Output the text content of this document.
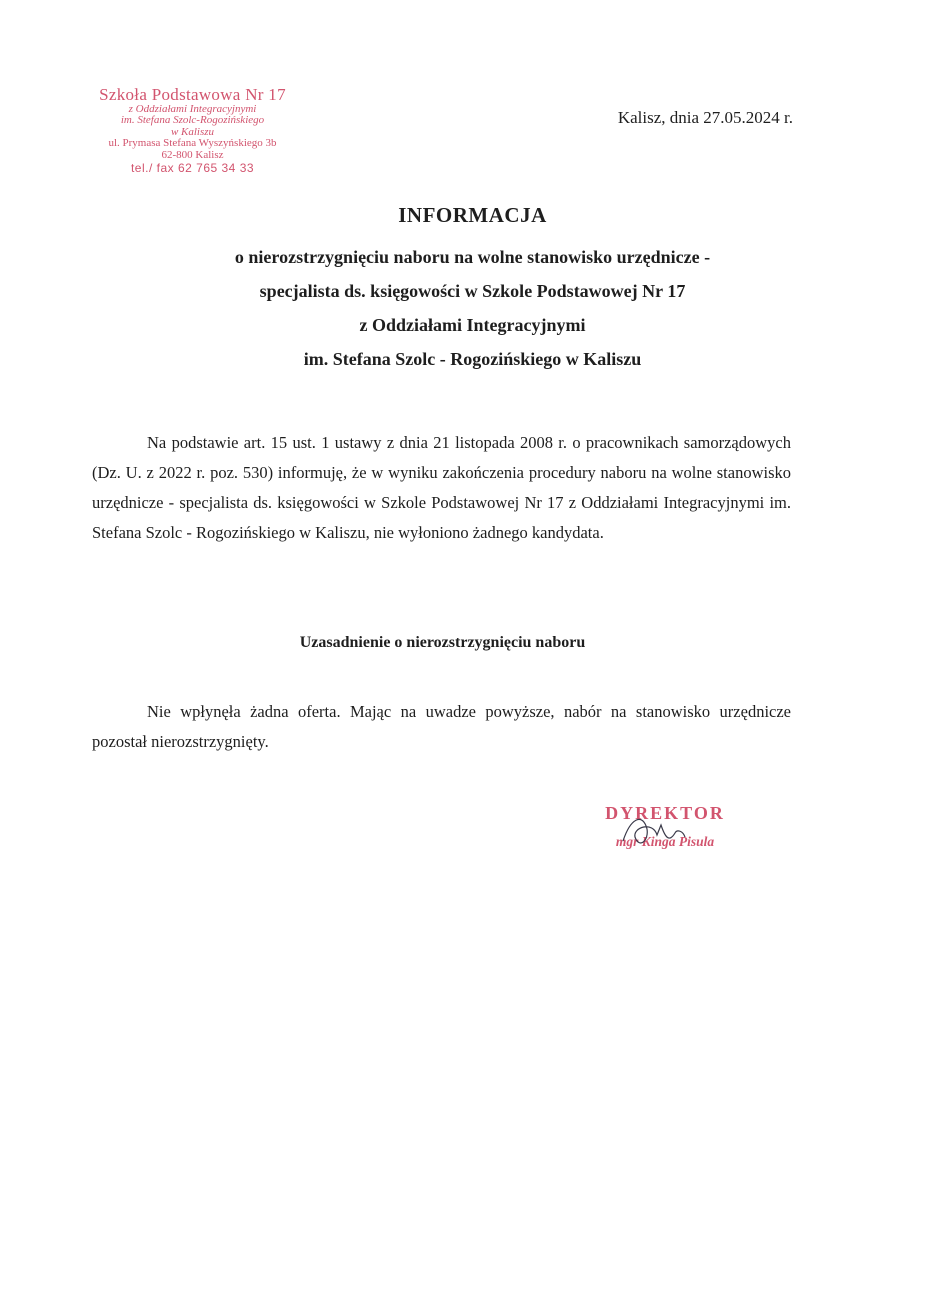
Szkoła Podstawowa Nr 17
z Oddziałami Integracyjnymi
im. Stefana Szolc-Rogozińskiego
w Kaliszu
ul. Prymasa Stefana Wyszyńskiego 3b
62-800 Kalisz
tel./ fax 62 765 34 33
Kalisz, dnia 27.05.2024 r.
INFORMACJA
o nierozstrzygnięciu naboru na wolne stanowisko urzędnicze -
specjalista ds. księgowości w Szkole Podstawowej Nr 17
z Oddziałami Integracyjnymi
im. Stefana Szolc - Rogozińskiego w Kaliszu
Na podstawie art. 15 ust. 1 ustawy z dnia 21 listopada 2008 r. o pracownikach samorządowych (Dz. U. z 2022 r. poz. 530) informuję, że w wyniku zakończenia procedury naboru na wolne stanowisko urzędnicze - specjalista ds. księgowości w Szkole Podstawowej Nr 17 z Oddziałami Integracyjnymi im. Stefana Szolc - Rogozińskiego w Kaliszu, nie wyłoniono żadnego kandydata.
Uzasadnienie o nierozstrzygnięciu naboru
Nie wpłynęła żadna oferta. Mając na uwadze powyższe, nabór na stanowisko urzędnicze pozostał nierozstrzygnięty.
DYREKTOR
mgr Kinga Pisula
